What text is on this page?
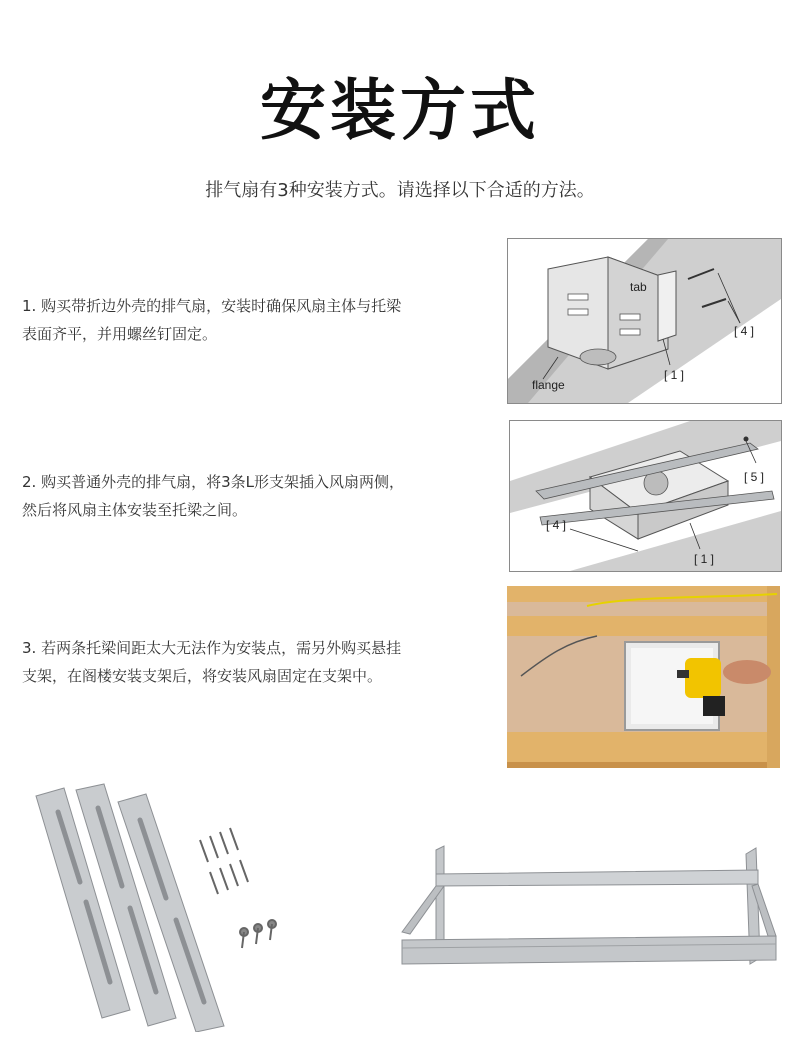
安装方式
排气扇有3种安装方式。请选择以下合适的方法。
1. 购买带折边外壳的排气扇，安装时确保风扇主体与托梁
表面齐平，并用螺丝钉固定。
tab
[ 4 ]
[ 1 ]
flange
2. 购买普通外壳的排气扇，将3条L形支架插入风扇两侧，
然后将风扇主体安装至托梁之间。
[ 5 ]
[ 4 ]
[ 1 ]
3. 若两条托梁间距太大无法作为安装点，需另外购买悬挂
支架，在阁楼安装支架后，将安装风扇固定在支架中。
